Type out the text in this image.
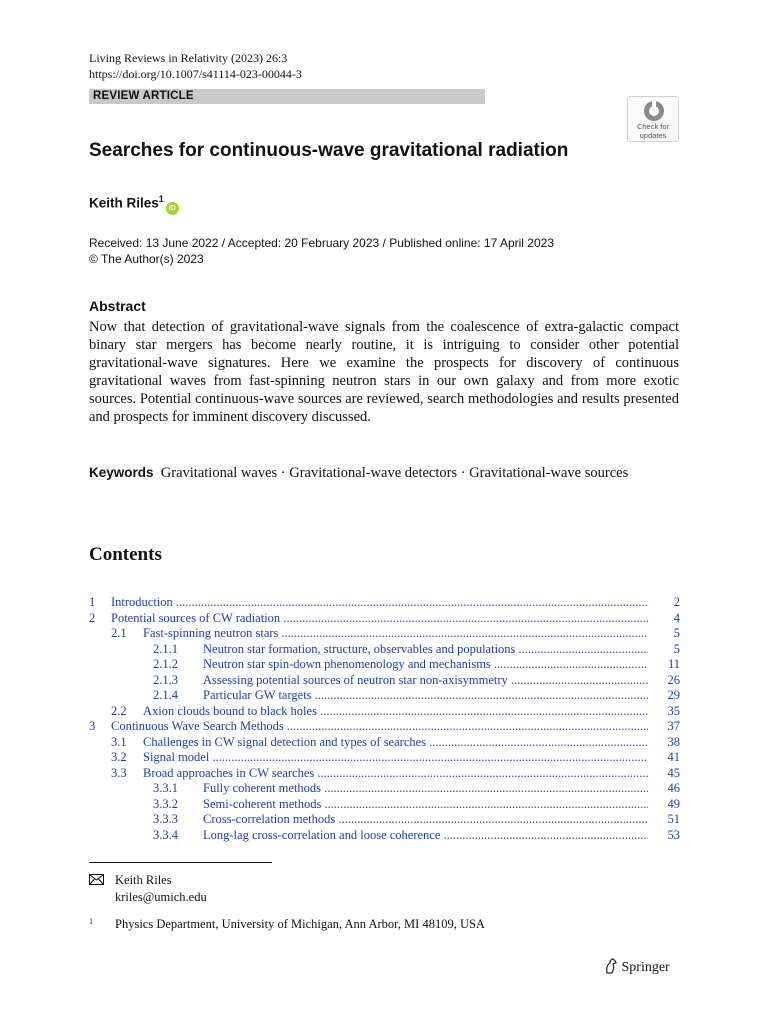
Living Reviews in Relativity (2023) 26:3
https://doi.org/10.1007/s41114-023-00044-3
REVIEW ARTICLE
Check for
updates
Searches for continuous-wave gravitational radiation
Keith Riles$^1$iD
Received: 13 June 2022 / Accepted: 20 February 2023 / Published online: 17 April 2023
© The Author(s) 2023
Abstract
Now that detection of gravitational-wave signals from the coalescence of extra-galactic compact binary star mergers has become nearly routine, it is intriguing to consider other potential gravitational-wave signatures. Here we examine the prospects for discovery of continuous gravitational waves from fast-spinning neutron stars in our own galaxy and from more exotic sources. Potential continuous-wave sources are reviewed, search methodologies and results presented and prospects for imminent discovery discussed.
Keywords Gravitational waves · Gravitational-wave detectors · Gravitational-wave sources
Contents
1 Introduction .....	2
2 Potential sources of CW radiation .....	4
2.1 Fast-spinning neutron stars .....	5
2.1.1 Neutron star formation, structure, observables and populations .....	5
2.1.2 Neutron star spin-down phenomenology and mechanisms .....	11
2.1.3 Assessing potential sources of neutron star non-axisymmetry .....	26
2.1.4 Particular GW targets .....	29
2.2 Axion clouds bound to black holes .....	35
3 Continuous Wave Search Methods .....	37
3.1 Challenges in CW signal detection and types of searches .....	38
3.2 Signal model .....	41
3.3 Broad approaches in CW searches .....	45
3.3.1 Fully coherent methods .....	46
3.3.2 Semi-coherent methods .....	49
3.3.3 Cross-correlation methods .....	51
3.3.4 Long-lag cross-correlation and loose coherence .....	53
Keith Riles
kriles@umich.edu
1 Physics Department, University of Michigan, Ann Arbor, MI 48109, USA
Springer
